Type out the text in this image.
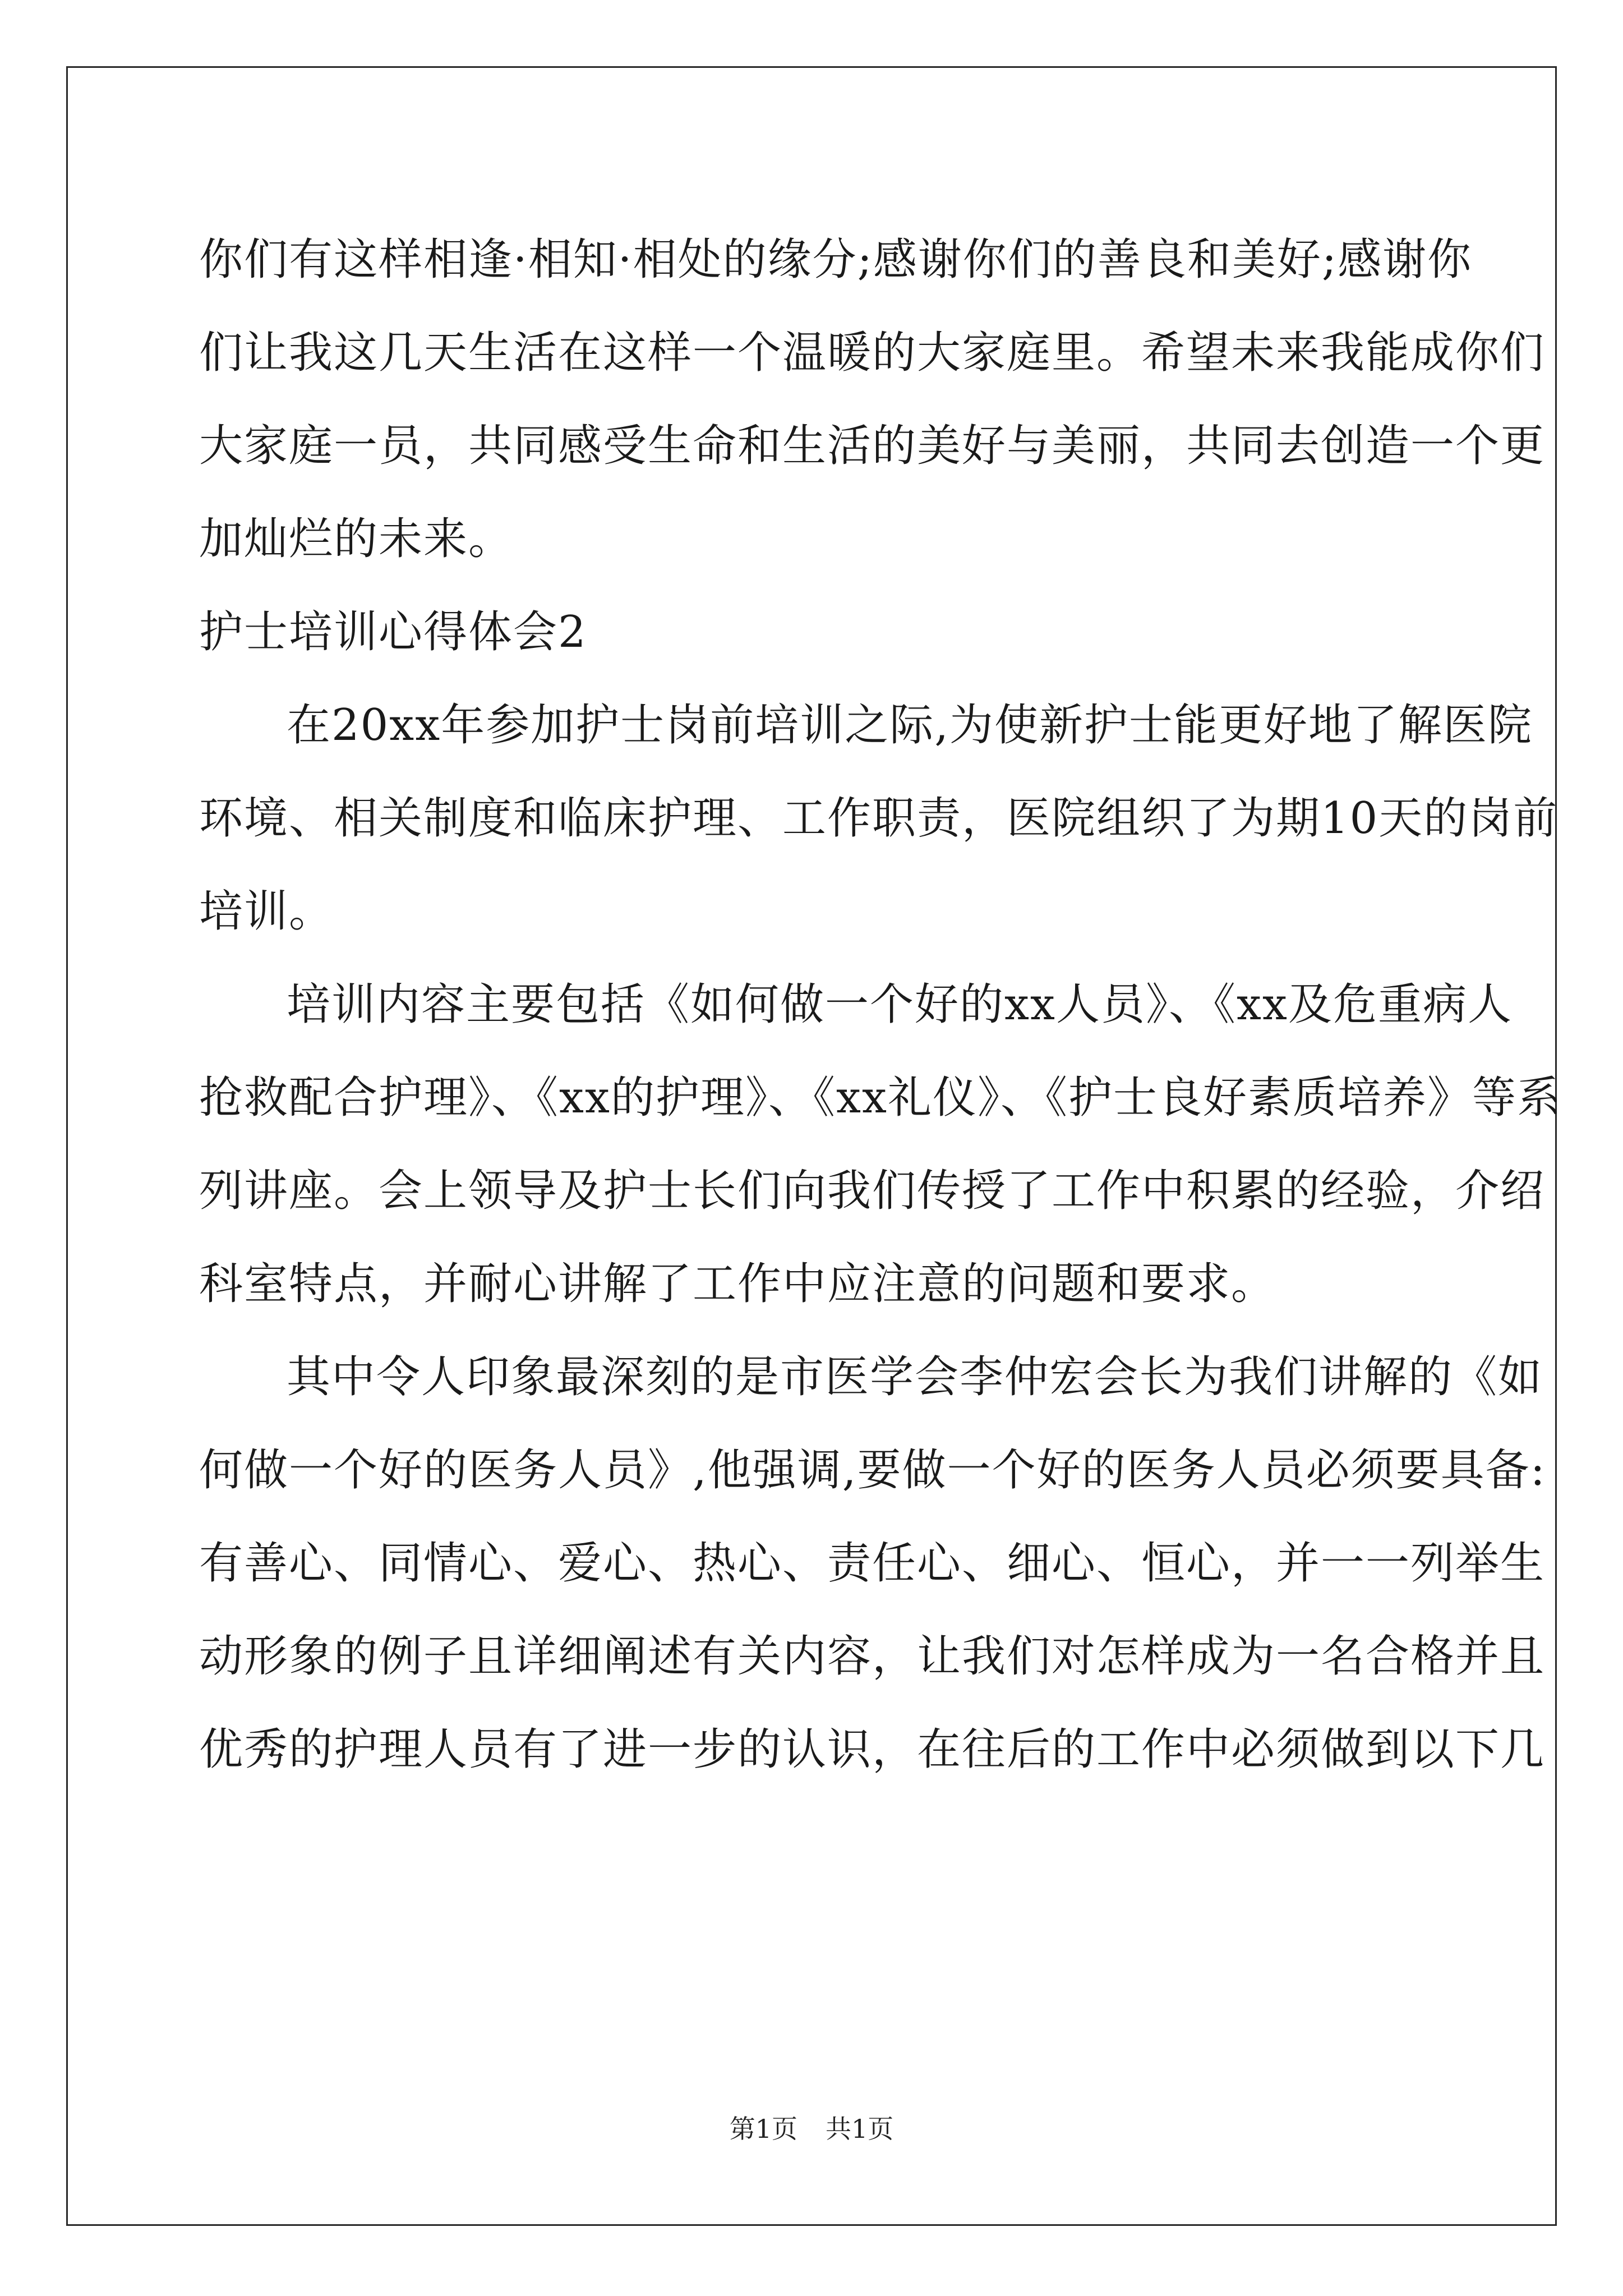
你们有这样相逢·相知·相处的缘分;感谢你们的善良和美好;感谢你
们让我这几天生活在这样一个温暖的大家庭里。希望未来我能成你们
大家庭一员，共同感受生命和生活的美好与美丽，共同去创造一个更
加灿烂的未来。
护士培训心得体会2
在20xx年参加护士岗前培训之际,为使新护士能更好地了解医院
环境、相关制度和临床护理、工作职责，医院组织了为期10天的岗前
培训。
培训内容主要包括《如何做一个好的xx人员》、《xx及危重病人
抢救配合护理》、《xx的护理》、《xx礼仪》、《护士良好素质培养》等系
列讲座。会上领导及护士长们向我们传授了工作中积累的经验，介绍
科室特点，并耐心讲解了工作中应注意的问题和要求。
其中令人印象最深刻的是市医学会李仲宏会长为我们讲解的《如
何做一个好的医务人员》,他强调,要做一个好的医务人员必须要具备:
有善心、同情心、爱心、热心、责任心、细心、恒心，并一一列举生
动形象的例子且详细阐述有关内容，让我们对怎样成为一名合格并且
优秀的护理人员有了进一步的认识，在往后的工作中必须做到以下几
第1页 共1页
